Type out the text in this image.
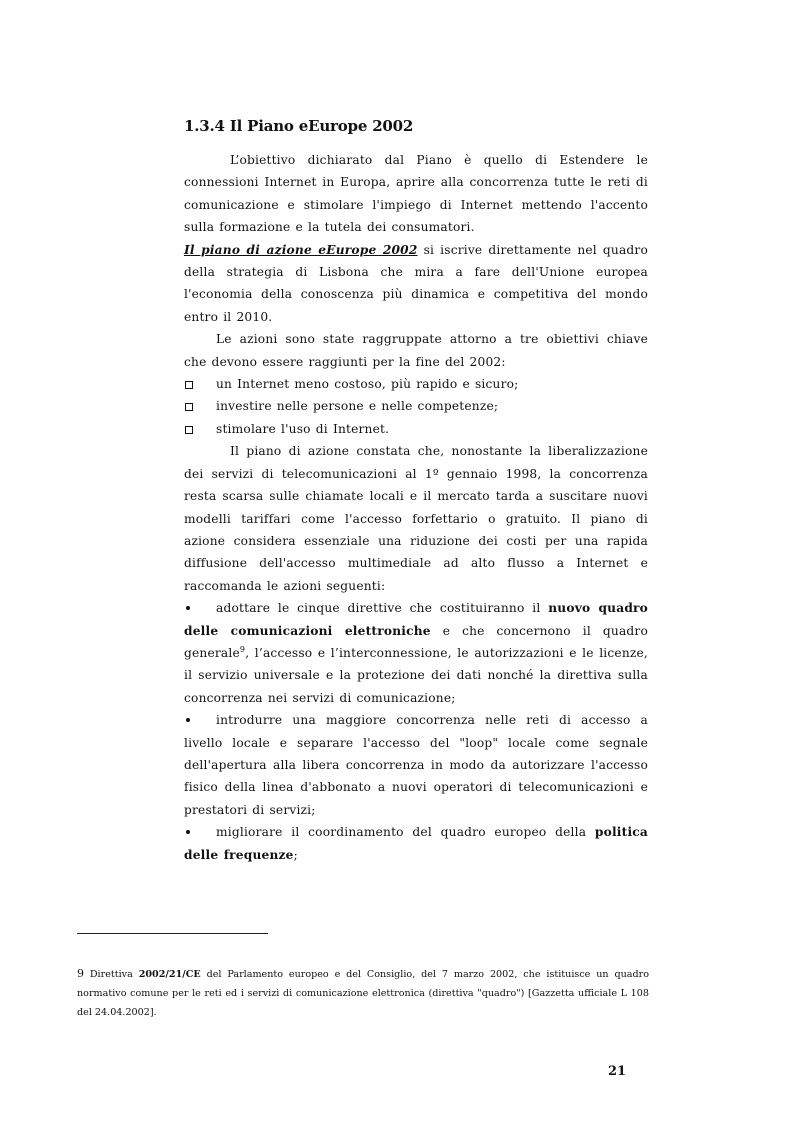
1.3.4 Il Piano eEurope 2002

L’obiettivo dichiarato dal Piano è quello di Estendere le connessioni Internet in Europa, aprire alla concorrenza tutte le reti di comunicazione e stimolare l'impiego di Internet mettendo l'accento sulla formazione e la tutela dei consumatori.

Il piano di azione eEurope 2002 si iscrive direttamente nel quadro della strategia di Lisbona che mira a fare dell'Unione europea l'economia della conoscenza più dinamica e competitiva del mondo entro il 2010.

Le azioni sono state raggruppate attorno a tre obiettivi chiave che devono essere raggiunti per la fine del 2002:

un Internet meno costoso, più rapido e sicuro;
investire nelle persone e nelle competenze;
stimolare l'uso di Internet.

Il piano di azione constata che, nonostante la liberalizzazione dei servizi di telecomunicazioni al 1º gennaio 1998, la concorrenza resta scarsa sulle chiamate locali e il mercato tarda a suscitare nuovi modelli tariffari come l'accesso forfettario o gratuito. Il piano di azione considera essenziale una riduzione dei costi per una rapida diffusione dell'accesso multimediale ad alto flusso a Internet e raccomanda le azioni seguenti:

adottare le cinque direttive che costituiranno il nuovo quadro delle comunicazioni elettroniche e che concernono il quadro generale$^9$, l’accesso e l’interconnessione, le autorizzazioni e le licenze, il servizio universale e la protezione dei dati nonché la direttiva sulla concorrenza nei servizi di comunicazione;

introdurre una maggiore concorrenza nelle reti di accesso a livello locale e separare l'accesso del "loop" locale come segnale dell'apertura alla libera concorrenza in modo da autorizzare l'accesso fisico della linea d'abbonato a nuovi operatori di telecomunicazioni e prestatori di servizi;

migliorare il coordinamento del quadro europeo della politica delle frequenze;

9 Direttiva 2002/21/CE del Parlamento europeo e del Consiglio, del 7 marzo 2002, che istituisce un quadro normativo comune per le reti ed i servizi di comunicazione elettronica (direttiva "quadro") [Gazzetta ufficiale L 108 del 24.04.2002].

21
